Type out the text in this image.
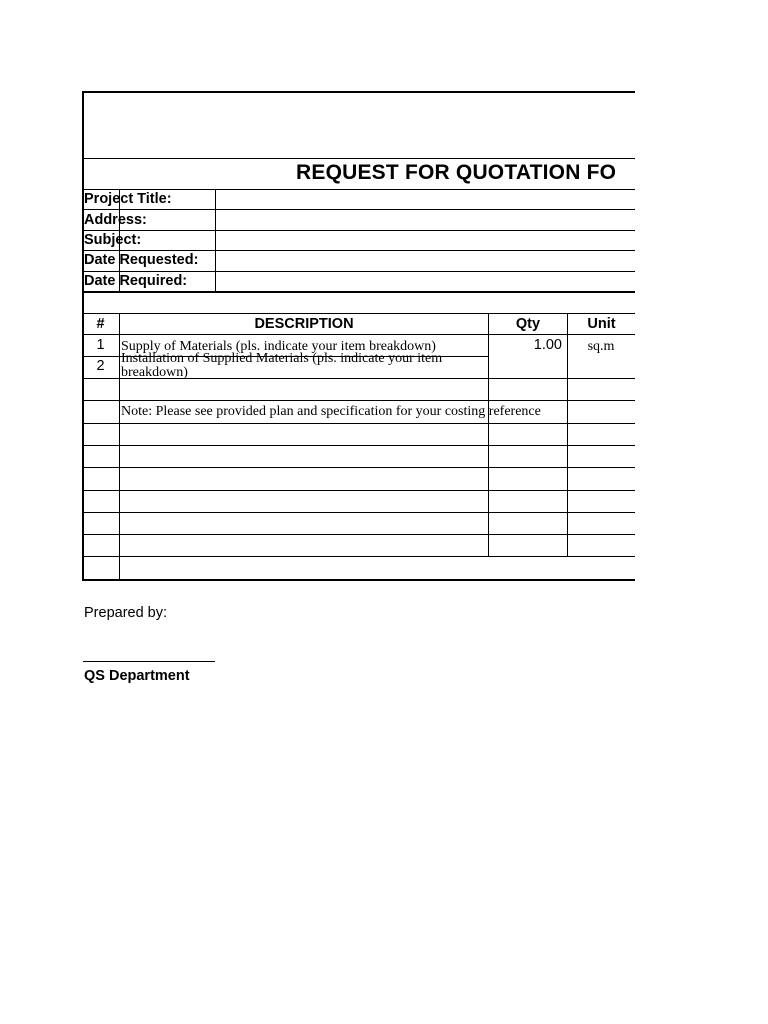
REQUEST FOR QUOTATION FO
Project Title:
Address:
Subject:
Date Requested:
Date Required:
#	DESCRIPTION	Qty	Unit
1	Supply of Materials (pls. indicate your item breakdown)	1.00	sq.m
2	Installation of Supplied Materials (pls. indicate your item breakdown)
Note: Please see provided plan and specification for your costing reference
Prepared by:
QS Department
